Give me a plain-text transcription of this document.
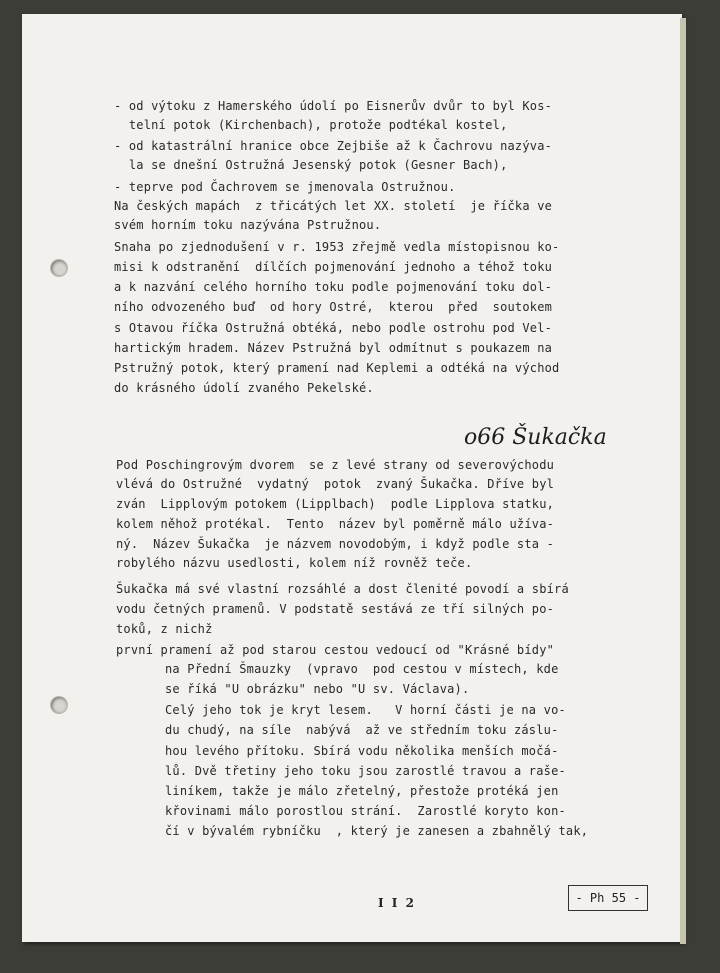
- od výtoku z Hamerského údolí po Eisnerův dvůr to byl Kos-
telní potok (Kirchenbach), protože podtékal kostel,
- od katastrální hranice obce Zejbiše až k Čachrovu nazýva-
la se dnešní Ostružná Jesenský potok (Gesner Bach),
- teprve pod Čachrovem se jmenovala Ostružnou.
Na českých mapách  z třicátých let XX. století  je říčka ve
svém horním toku nazývána Pstružnou.
Snaha po zjednodušení v r. 1953 zřejmě vedla místopisnou ko-
misi k odstranění  dílčích pojmenování jednoho a téhož toku
a k nazvání celého horního toku podle pojmenování toku dol-
ního odvozeného buď  od hory Ostré,  kterou  před  soutokem
s Otavou říčka Ostružná obtéká, nebo podle ostrohu pod Vel-
hartickým hradem. Název Pstružná byl odmítnut s poukazem na
Pstružný potok, který pramení nad Keplemi a odtéká na východ
do krásného údolí zvaného Pekelské.
o66 Šukačka
Pod Poschingrovým dvorem  se z levé strany od severovýchodu
vlévá do Ostružné  vydatný  potok  zvaný Šukačka. Dříve byl
zván  Lipplovým potokem (Lipplbach)  podle Lipplova statku,
kolem něhož protékal.  Tento  název byl poměrně málo užíva-
ný.  Název Šukačka  je názvem novodobým, i když podle sta -
robylého názvu usedlosti, kolem níž rovněž teče.
Šukačka má své vlastní rozsáhlé a dost členité povodí a sbírá
vodu četných pramenů. V podstatě sestává ze tří silných po-
toků, z nichž
první pramení až pod starou cestou vedoucí od "Krásné bídy"
na Přední Šmauzky  (vpravo  pod cestou v místech, kde
se říká "U obrázku" nebo "U sv. Václava).
Celý jeho tok je kryt lesem.   V horní části je na vo-
du chudý, na síle  nabývá  až ve středním toku záslu-
hou levého přítoku. Sbírá vodu několika menších močá-
lů. Dvě třetiny jeho toku jsou zarostlé travou a raše-
liníkem, takže je málo zřetelný, přestože protéká jen
křovinami málo porostlou strání.  Zarostlé koryto kon-
čí v bývalém rybníčku  , který je zanesen a zbahnělý tak,
I I 2	- Ph 55 -
